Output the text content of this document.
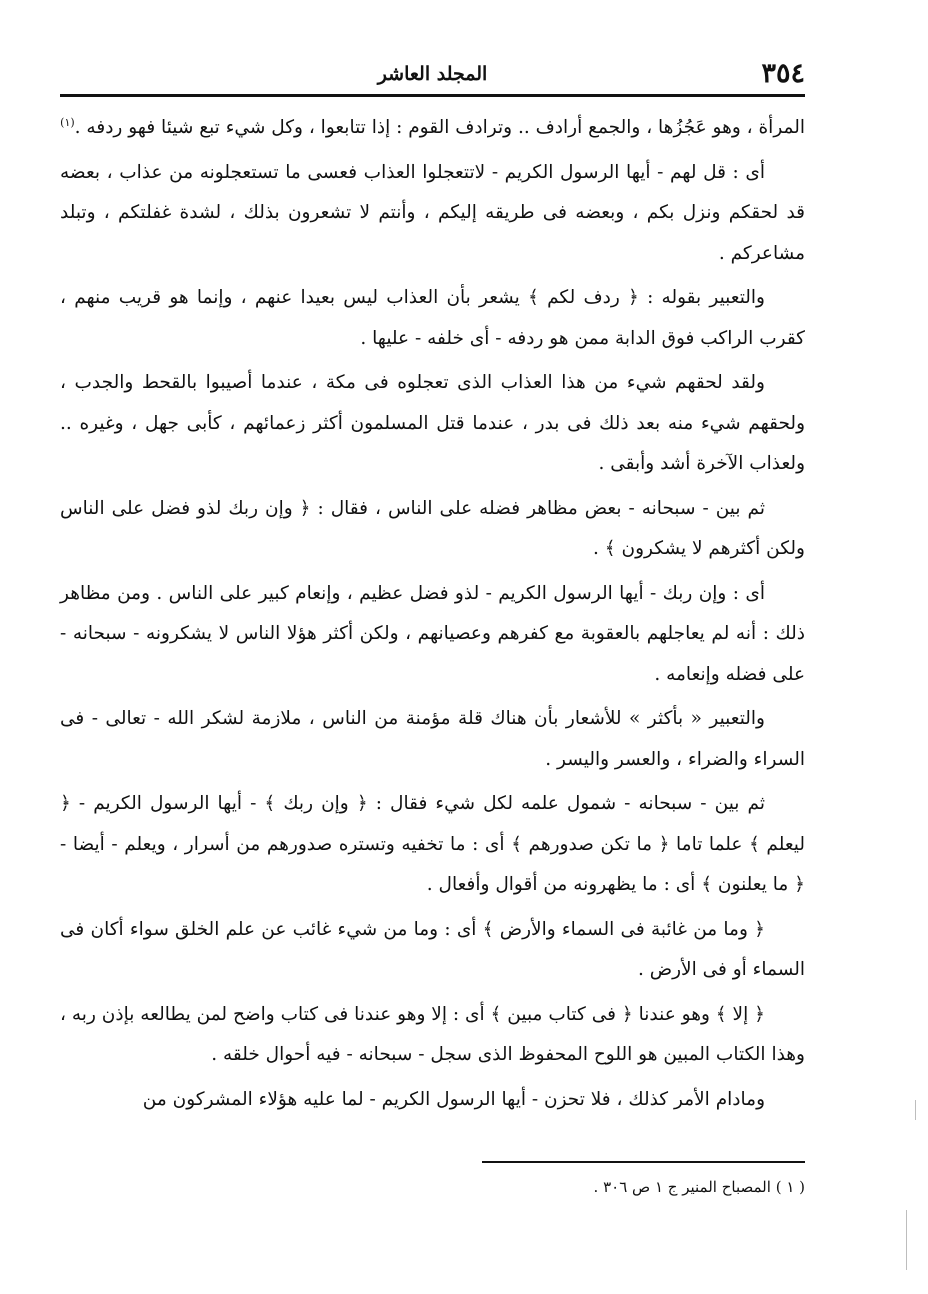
٣٥٤
المجلد العاشر

المرأة ، وهو عَجُزُها ، والجمع أرادف .. وترادف القوم : إذا تتابعوا ، وكل شيء تبع شيئا فهو ردفه .$^{(١)}$

أى : قل لهم - أيها الرسول الكريم - لاتتعجلوا العذاب فعسى ما تستعجلونه من عذاب ، بعضه قد لحقكم ونزل بكم ، وبعضه فى طريقه إليكم ، وأنتم لا تشعرون بذلك ، لشدة غفلتكم ، وتبلد مشاعركم .

والتعبير بقوله : ﴿ ردف لكم ﴾ يشعر بأن العذاب ليس بعيدا عنهم ، وإنما هو قريب منهم ، كقرب الراكب فوق الدابة ممن هو ردفه - أى خلفه - عليها .

ولقد لحقهم شيء من هذا العذاب الذى تعجلوه فى مكة ، عندما أصيبوا بالقحط والجدب ، ولحقهم شيء منه بعد ذلك فى بدر ، عندما قتل المسلمون أكثر زعمائهم ، كأبى جهل ، وغيره .. ولعذاب الآخرة أشد وأبقى .

ثم بين - سبحانه - بعض مظاهر فضله على الناس ، فقال : ﴿ وإن ربك لذو فضل على الناس ولكن أكثرهم لا يشكرون ﴾ .

أى : وإن ربك - أيها الرسول الكريم - لذو فضل عظيم ، وإنعام كبير على الناس . ومن مظاهر ذلك : أنه لم يعاجلهم بالعقوبة مع كفرهم وعصيانهم ، ولكن أكثر هؤلا الناس لا يشكرونه - سبحانه - على فضله وإنعامه .

والتعبير « بأكثر » للأشعار بأن هناك قلة مؤمنة من الناس ، ملازمة لشكر الله - تعالى - فى السراء والضراء ، والعسر واليسر .

ثم بين - سبحانه - شمول علمه لكل شيء فقال : ﴿ وإن ربك ﴾ - أيها الرسول الكريم - ﴿ ليعلم ﴾ علما تاما ﴿ ما تكن صدورهم ﴾ أى : ما تخفيه وتستره صدورهم من أسرار ، ويعلم - أيضا - ﴿ ما يعلنون ﴾ أى : ما يظهرونه من أقوال وأفعال .

﴿ وما من غائبة فى السماء والأرض ﴾ أى : وما من شيء غائب عن علم الخلق سواء أكان فى السماء أو فى الأرض .

﴿ إلا ﴾ وهو عندنا ﴿ فى كتاب مبين ﴾ أى : إلا وهو عندنا فى كتاب واضح لمن يطالعه بإذن ربه ، وهذا الكتاب المبين هو اللوح المحفوظ الذى سجل - سبحانه - فيه أحوال خلقه .

ومادام الأمر كذلك ، فلا تحزن - أيها الرسول الكريم - لما عليه هؤلاء المشركون من

( ١ ) المصباح المنير ج ١ ص ٣٠٦ .
